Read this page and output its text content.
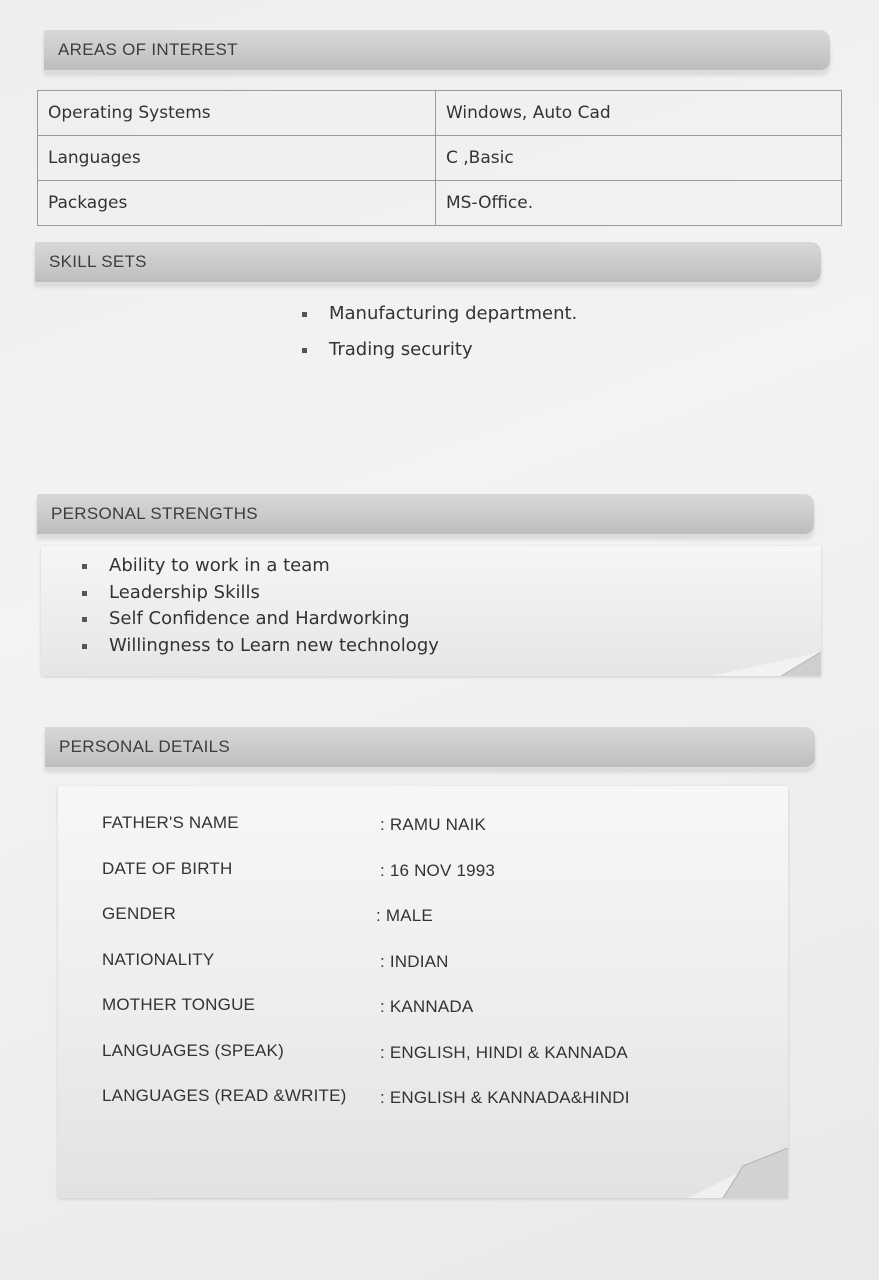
AREAS OF INTEREST
Operating Systems	Windows, Auto Cad
Languages	C ,Basic
Packages	MS-Office.
SKILL SETS
Manufacturing department.
Trading security
PERSONAL STRENGTHS
Ability to work in a team
Leadership Skills
Self Confidence and Hardworking
Willingness to Learn new technology
PERSONAL DETAILS
FATHER'S NAME	: RAMU NAIK
DATE OF BIRTH	: 16 NOV 1993
GENDER	: MALE
NATIONALITY	: INDIAN
MOTHER TONGUE	: KANNADA
LANGUAGES (SPEAK)	: ENGLISH, HINDI & KANNADA
LANGUAGES (READ &WRITE) : ENGLISH & KANNADA&HINDI
